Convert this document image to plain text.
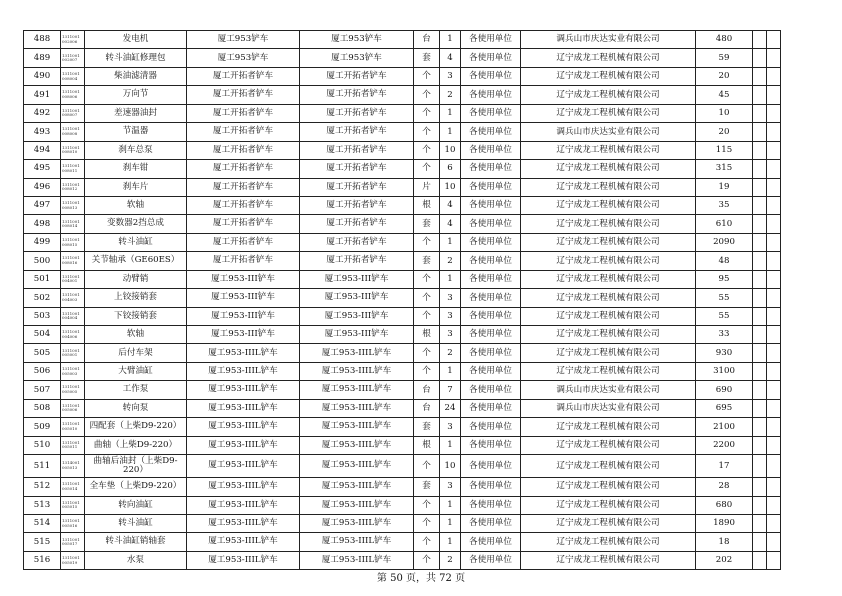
488	1311001 002006	发电机	厦工953铲车	厦工953铲车	台	1	各使用单位	调兵山市庆达实业有限公司	480		
489	1311001 002007	转斗油缸修理包	厦工953铲车	厦工953铲车	套	4	各使用单位	辽宁成龙工程机械有限公司	59		
490	1311001 008004	柴油滤清器	厦工开拓者铲车	厦工开拓者铲车	个	3	各使用单位	辽宁成龙工程机械有限公司	20		
491	1311001 008006	万向节	厦工开拓者铲车	厦工开拓者铲车	个	2	各使用单位	辽宁成龙工程机械有限公司	45		
492	1311001 008007	差速器油封	厦工开拓者铲车	厦工开拓者铲车	个	1	各使用单位	辽宁成龙工程机械有限公司	10		
493	1311001 008008	节温器	厦工开拓者铲车	厦工开拓者铲车	个	1	各使用单位	调兵山市庆达实业有限公司	20		
494	1311001 008010	刹车总泵	厦工开拓者铲车	厦工开拓者铲车	个	10	各使用单位	辽宁成龙工程机械有限公司	115		
495	1311001 008011	刹车钳	厦工开拓者铲车	厦工开拓者铲车	个	6	各使用单位	辽宁成龙工程机械有限公司	315		
496	1311001 008012	刹车片	厦工开拓者铲车	厦工开拓者铲车	片	10	各使用单位	辽宁成龙工程机械有限公司	19		
497	1311001 008013	软轴	厦工开拓者铲车	厦工开拓者铲车	根	4	各使用单位	辽宁成龙工程机械有限公司	35		
498	1311001 008014	变数器2挡总成	厦工开拓者铲车	厦工开拓者铲车	套	4	各使用单位	辽宁成龙工程机械有限公司	610		
499	1311001 008015	转斗油缸	厦工开拓者铲车	厦工开拓者铲车	个	1	各使用单位	辽宁成龙工程机械有限公司	2090		
500	1311001 008016	关节轴承（GE60ES）	厦工开拓者铲车	厦工开拓者铲车	套	2	各使用单位	辽宁成龙工程机械有限公司	48		
501	1311001 004001	动臂销	厦工953-III铲车	厦工953-III铲车	个	1	各使用单位	辽宁成龙工程机械有限公司	95		
502	1311001 004003	上铰接销套	厦工953-III铲车	厦工953-III铲车	个	3	各使用单位	辽宁成龙工程机械有限公司	55		
503	1311001 004004	下铰接销套	厦工953-III铲车	厦工953-III铲车	个	3	各使用单位	辽宁成龙工程机械有限公司	55		
504	1311001 004006	软轴	厦工953-III铲车	厦工953-III铲车	根	3	各使用单位	辽宁成龙工程机械有限公司	33		
505	1311001 005001	后付车架	厦工953-IIIL铲车	厦工953-IIIL铲车	个	2	各使用单位	辽宁成龙工程机械有限公司	930		
506	1311001 005003	大臂油缸	厦工953-IIIL铲车	厦工953-IIIL铲车	个	1	各使用单位	辽宁成龙工程机械有限公司	3100		
507	1311001 005005	工作泵	厦工953-IIIL铲车	厦工953-IIIL铲车	台	7	各使用单位	调兵山市庆达实业有限公司	690		
508	1311001 005006	转向泵	厦工953-IIIL铲车	厦工953-IIIL铲车	台	24	各使用单位	调兵山市庆达实业有限公司	695		
509	1311001 005010	四配套（上柴D9-220）	厦工953-IIIL铲车	厦工953-IIIL铲车	套	3	各使用单位	辽宁成龙工程机械有限公司	2100		
510	1311001 005011	曲轴（上柴D9-220）	厦工953-IIIL铲车	厦工953-IIIL铲车	根	1	各使用单位	辽宁成龙工程机械有限公司	2200		
511	1314001 005013	曲轴后油封（上柴D9-220）	厦工953-IIIL铲车	厦工953-IIIL铲车	个	10	各使用单位	辽宁成龙工程机械有限公司	17		
512	1311001 005014	全车垫（上柴D9-220）	厦工953-IIIL铲车	厦工953-IIIL铲车	套	3	各使用单位	辽宁成龙工程机械有限公司	28		
513	1311001 005015	转向油缸	厦工953-IIIL铲车	厦工953-IIIL铲车	个	1	各使用单位	辽宁成龙工程机械有限公司	680		
514	1311001 005016	转斗油缸	厦工953-IIIL铲车	厦工953-IIIL铲车	个	1	各使用单位	辽宁成龙工程机械有限公司	1890		
515	1311001 005017	转斗油缸销轴套	厦工953-IIIL铲车	厦工953-IIIL铲车	个	1	各使用单位	辽宁成龙工程机械有限公司	18		
516	1311001 005019	水泵	厦工953-IIIL铲车	厦工953-IIIL铲车	个	2	各使用单位	辽宁成龙工程机械有限公司	202		
第 50 页，共 72 页
